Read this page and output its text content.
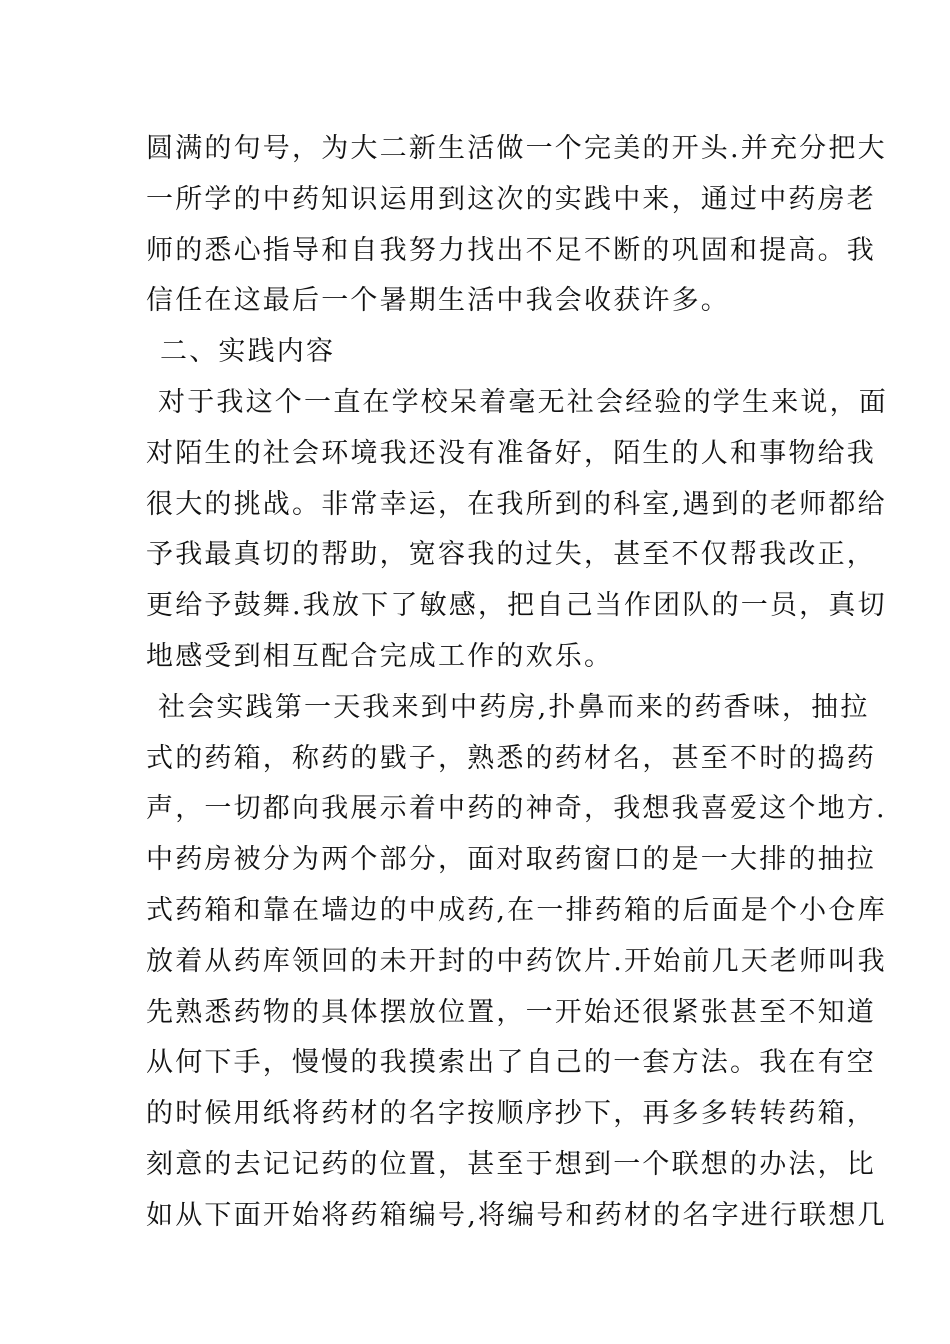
圆满的句号，为大二新生活做一个完美的开头.并充分把大
一所学的中药知识运用到这次的实践中来，通过中药房老
师的悉心指导和自我努力找出不足不断的巩固和提高。我
信任在这最后一个暑期生活中我会收获许多。
二、实践内容
对于我这个一直在学校呆着毫无社会经验的学生来说，面
对陌生的社会环境我还没有准备好，陌生的人和事物给我
很大的挑战。非常幸运，在我所到的科室,遇到的老师都给
予我最真切的帮助，宽容我的过失，甚至不仅帮我改正，
更给予鼓舞.我放下了敏感，把自己当作团队的一员，真切
地感受到相互配合完成工作的欢乐。
社会实践第一天我来到中药房,扑鼻而来的药香味，抽拉
式的药箱，称药的戥子，熟悉的药材名，甚至不时的捣药
声，一切都向我展示着中药的神奇，我想我喜爱这个地方.
中药房被分为两个部分，面对取药窗口的是一大排的抽拉
式药箱和靠在墙边的中成药,在一排药箱的后面是个小仓库
放着从药库领回的未开封的中药饮片.开始前几天老师叫我
先熟悉药物的具体摆放位置，一开始还很紧张甚至不知道
从何下手，慢慢的我摸索出了自己的一套方法。我在有空
的时候用纸将药材的名字按顺序抄下，再多多转转药箱，
刻意的去记记药的位置，甚至于想到一个联想的办法，比
如从下面开始将药箱编号,将编号和药材的名字进行联想几
